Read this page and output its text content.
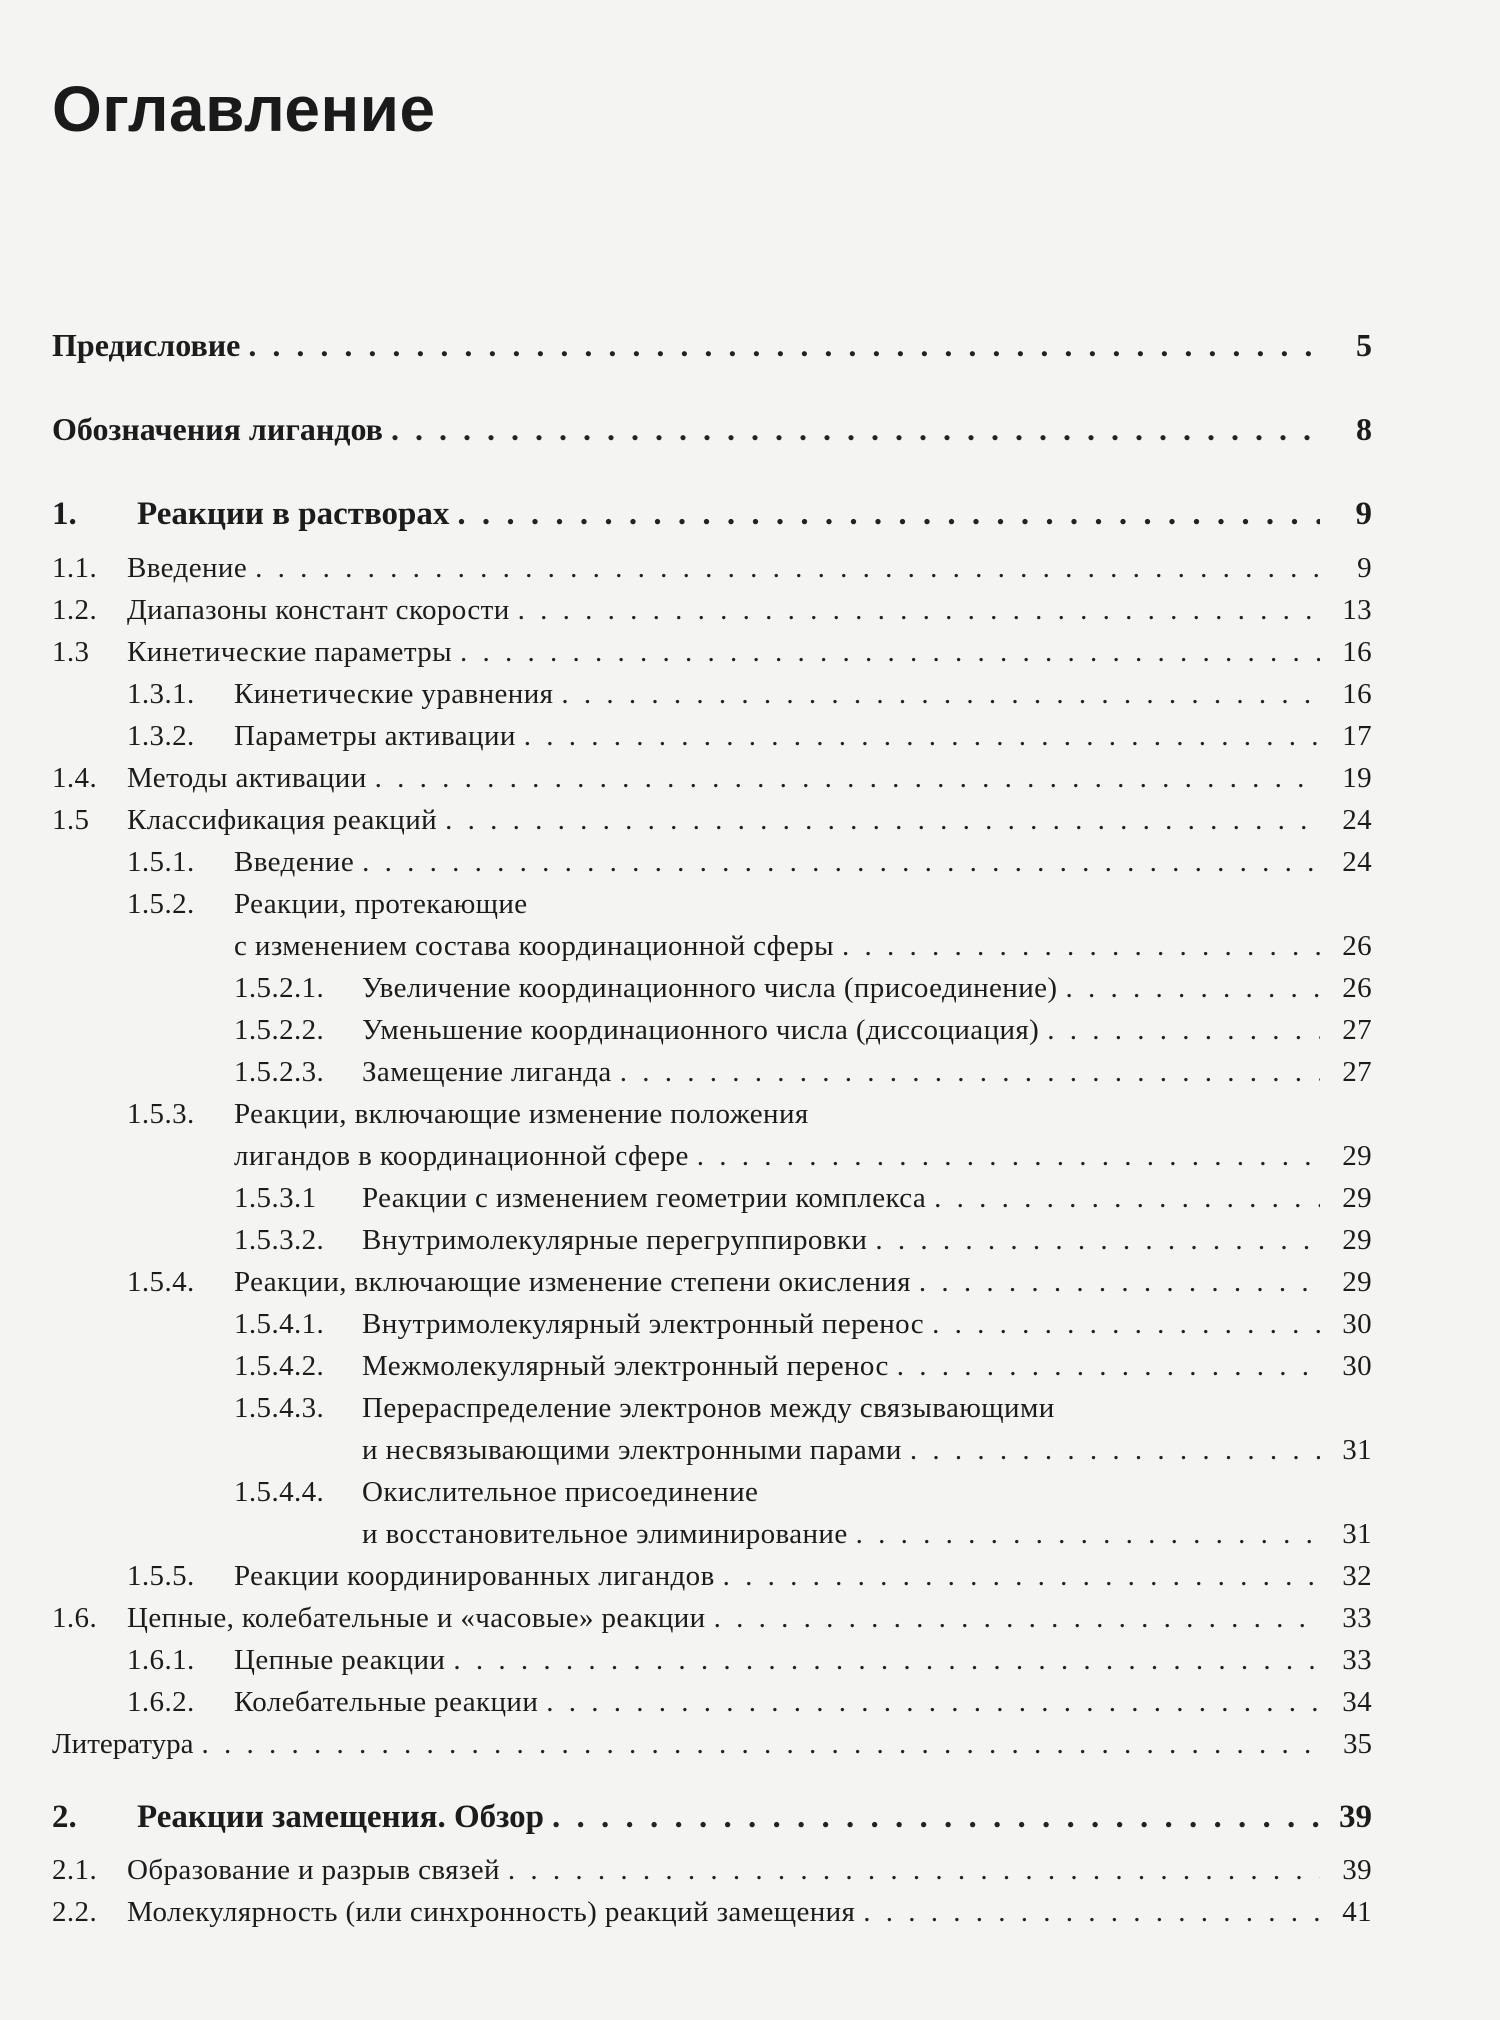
Оглавление
Предисловие	5
. . .
Обозначения лигандов	8
. . .
1. Реакции в растворах	9
. . .
1.1. Введение	9
. . .
1.2. Диапазоны констант скорости	13
. . .
1.3 Кинетические параметры	16
. . .
1.3.1. Кинетические уравнения	16
. . .
1.3.2. Параметры активации	17
. . .
1.4. Методы активации	19
. . .
1.5 Классификация реакций	24
. . .
1.5.1. Введение	24
. . .
1.5.2. Реакции, протекающие
с изменением состава координационной сферы	26
. . .
1.5.2.1. Увеличение координационного числа (присоединение)	26
. . .
1.5.2.2. Уменьшение координационного числа (диссоциация)	27
. . .
1.5.2.3. Замещение лиганда	27
. . .
1.5.3. Реакции, включающие изменение положения
лигандов в координационной сфере	29
. . .
1.5.3.1 Реакции с изменением геометрии комплекса	29
. . .
1.5.3.2. Внутримолекулярные перегруппировки	29
. . .
1.5.4. Реакции, включающие изменение степени окисления	29
. . .
1.5.4.1. Внутримолекулярный электронный перенос	30
. . .
1.5.4.2. Межмолекулярный электронный перенос	30
. . .
1.5.4.3. Перераспределение электронов между связывающими
и несвязывающими электронными парами	31
. . .
1.5.4.4. Окислительное присоединение
и восстановительное элиминирование	31
. . .
1.5.5. Реакции координированных лигандов	32
. . .
1.6. Цепные, колебательные и «часовые» реакции	33
. . .
1.6.1. Цепные реакции	33
. . .
1.6.2. Колебательные реакции	34
. . .
Литература	35
. . .
2. Реакции замещения. Обзор	39
. . .
2.1. Образование и разрыв связей	39
. . .
2.2. Молекулярность (или синхронность) реакций замещения	41
. . .
